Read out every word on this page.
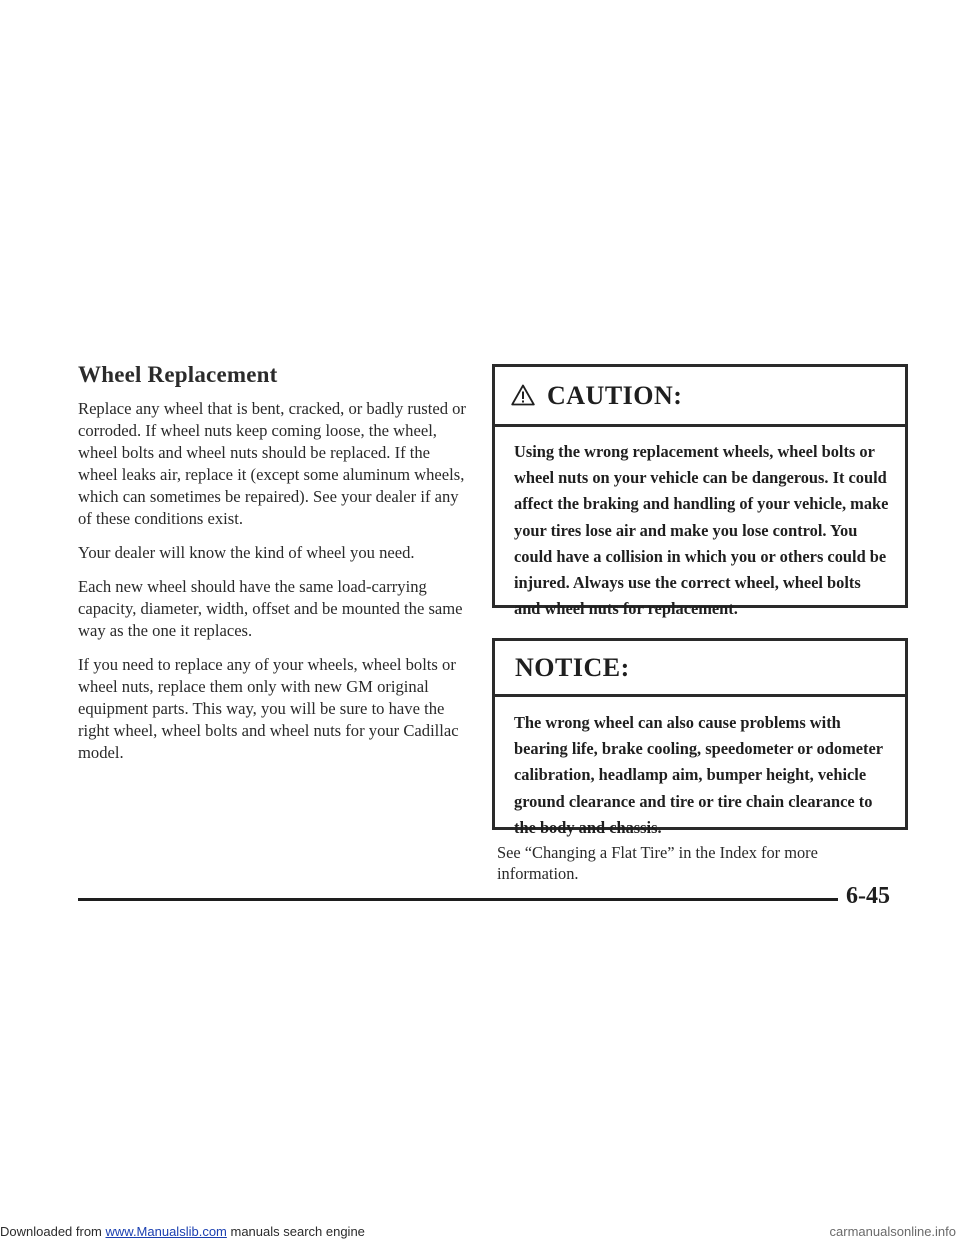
Wheel Replacement

Replace any wheel that is bent, cracked, or badly rusted or corroded. If wheel nuts keep coming loose, the wheel, wheel bolts and wheel nuts should be replaced. If the wheel leaks air, replace it (except some aluminum wheels, which can sometimes be repaired). See your dealer if any of these conditions exist.

Your dealer will know the kind of wheel you need.

Each new wheel should have the same load-carrying capacity, diameter, width, offset and be mounted the same way as the one it replaces.

If you need to replace any of your wheels, wheel bolts or wheel nuts, replace them only with new GM original equipment parts. This way, you will be sure to have the right wheel, wheel bolts and wheel nuts for your Cadillac model.

CAUTION:
Using the wrong replacement wheels, wheel bolts or wheel nuts on your vehicle can be dangerous. It could affect the braking and handling of your vehicle, make your tires lose air and make you lose control. You could have a collision in which you or others could be injured. Always use the correct wheel, wheel bolts and wheel nuts for replacement.
NOTICE:
The wrong wheel can also cause problems with bearing life, brake cooling, speedometer or odometer calibration, headlamp aim, bumper height, vehicle ground clearance and tire or tire chain clearance to the body and chassis.
See “Changing a Flat Tire” in the Index for more information.
6-45
Downloaded from www.Manualslib.com manuals search engine	carmanualsonline.info
